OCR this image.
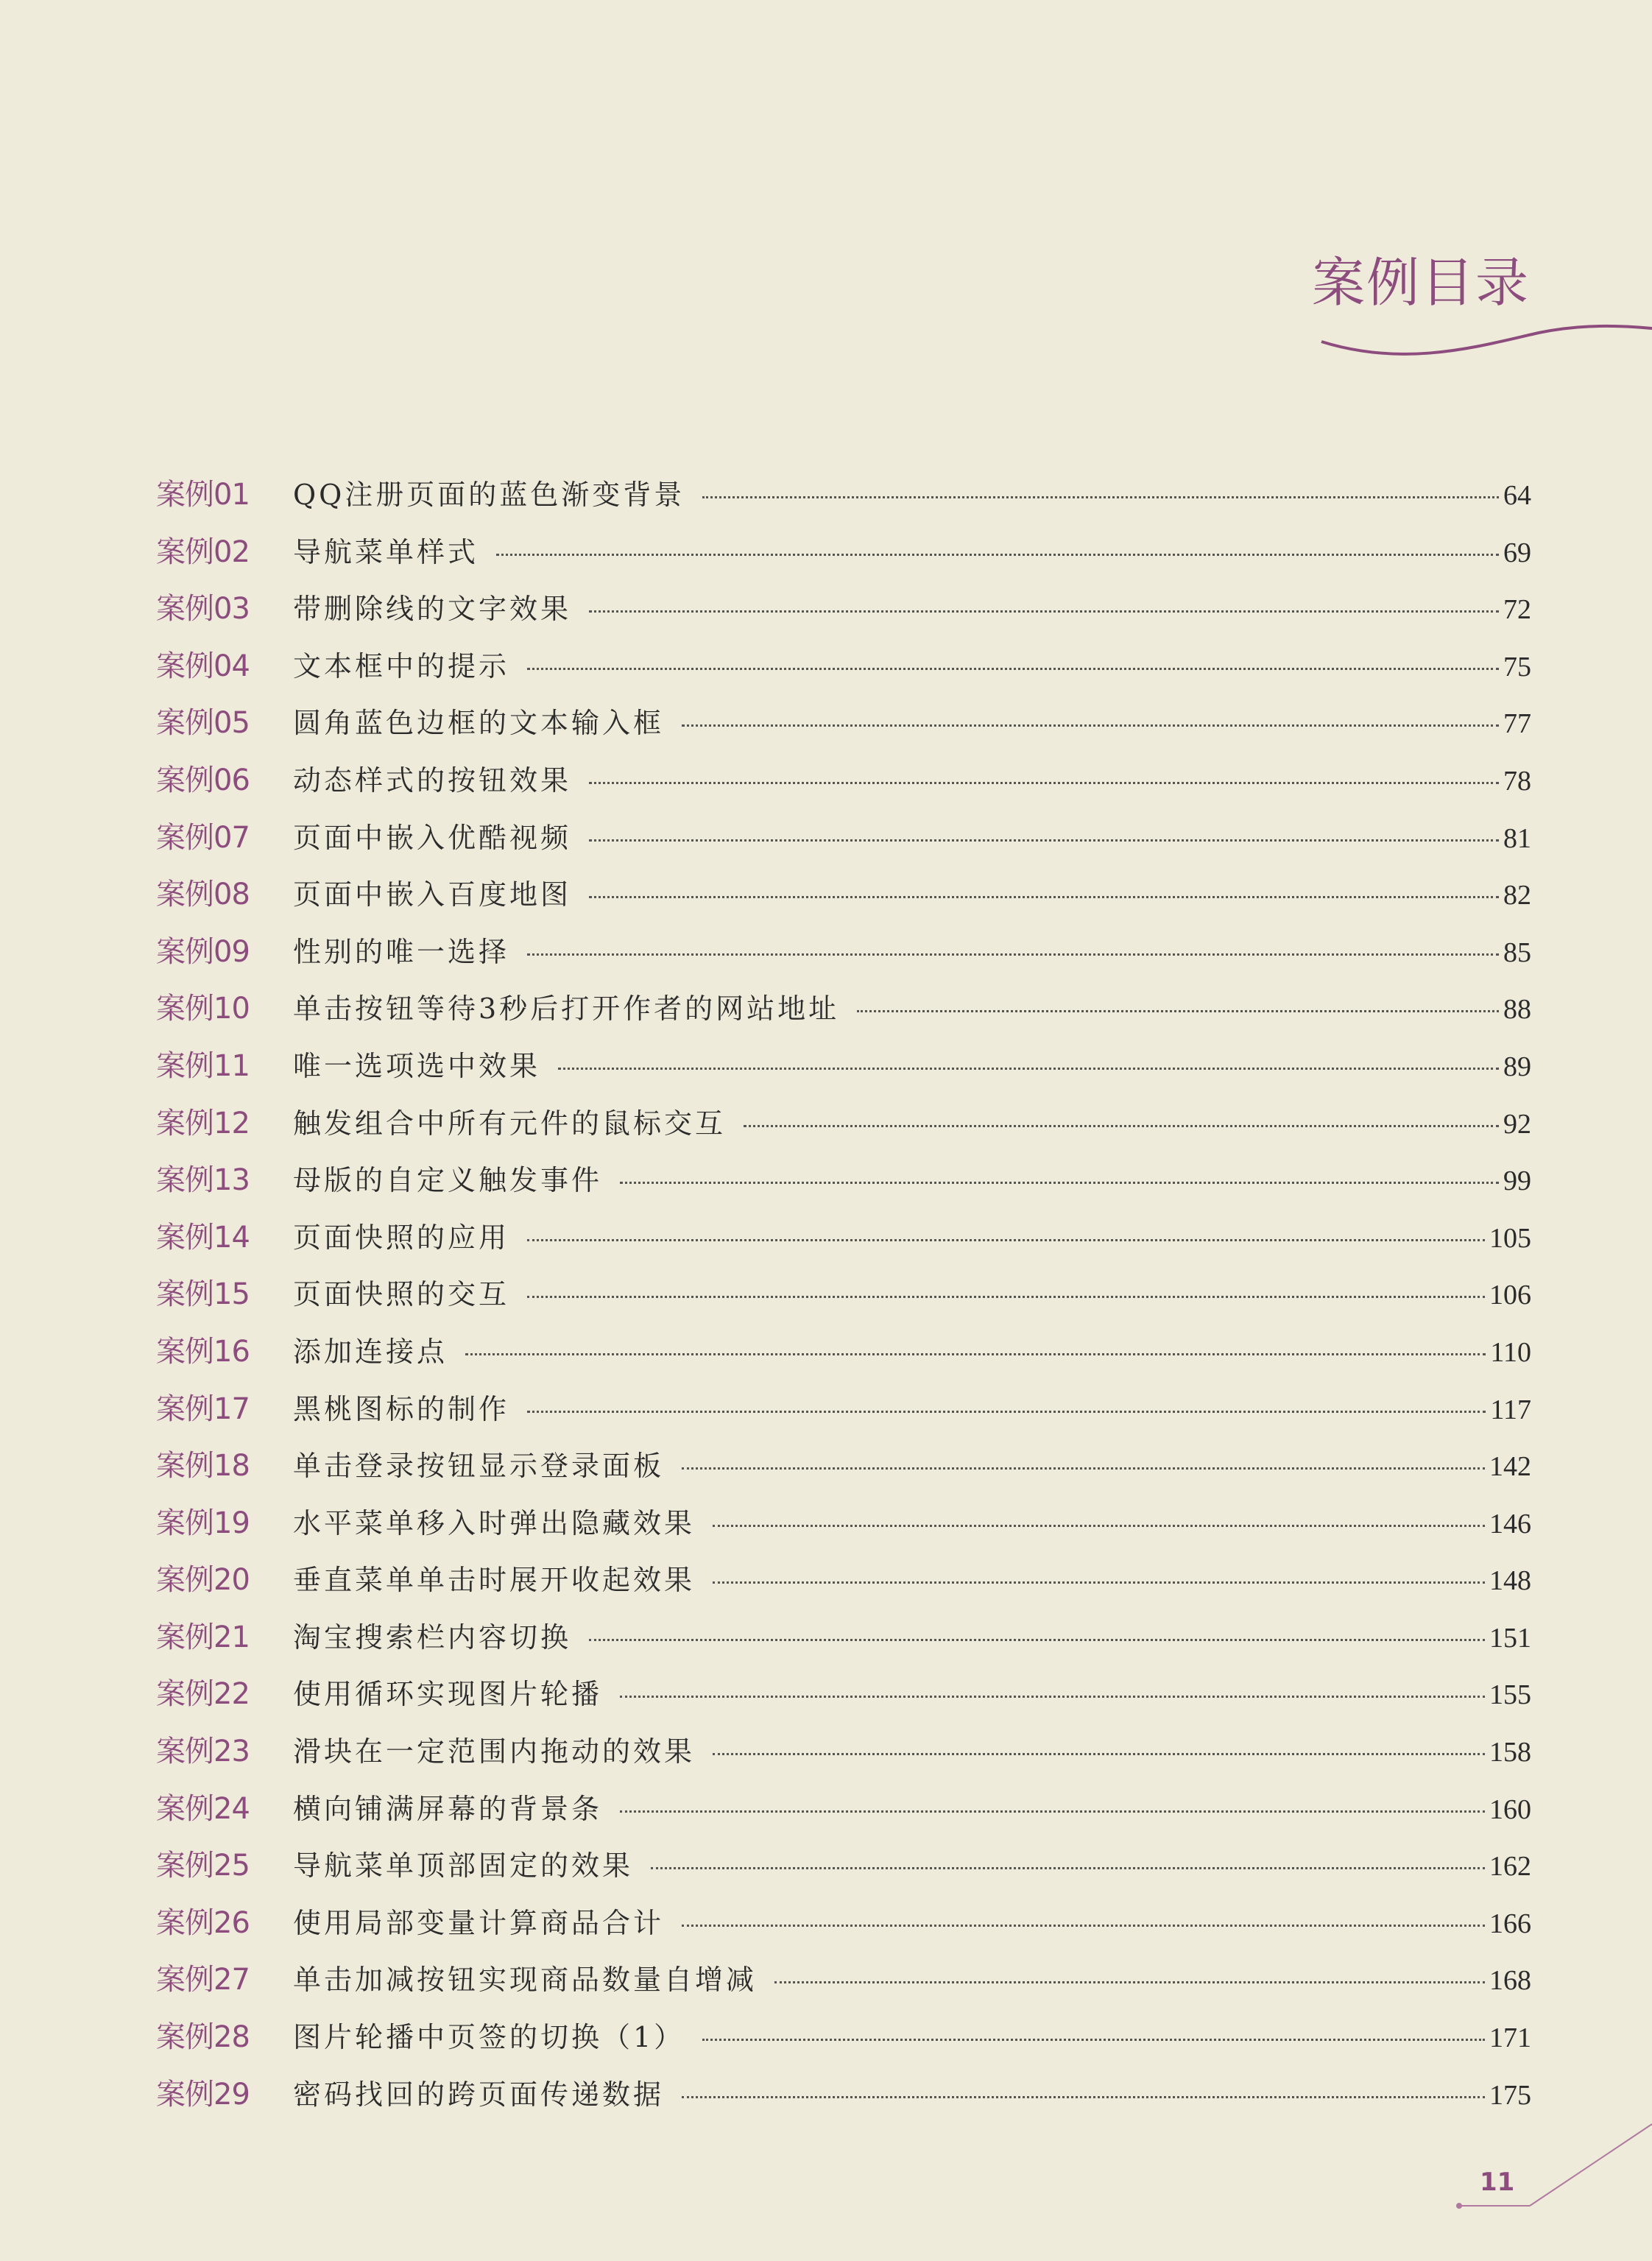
案例目录
案例01	QQ注册页面的蓝色渐变背景	64
案例02	导航菜单样式	69
案例03	带删除线的文字效果	72
案例04	文本框中的提示	75
案例05	圆角蓝色边框的文本输入框	77
案例06	动态样式的按钮效果	78
案例07	页面中嵌入优酷视频	81
案例08	页面中嵌入百度地图	82
案例09	性别的唯一选择	85
案例10	单击按钮等待3秒后打开作者的网站地址	88
案例11	唯一选项选中效果	89
案例12	触发组合中所有元件的鼠标交互	92
案例13	母版的自定义触发事件	99
案例14	页面快照的应用	105
案例15	页面快照的交互	106
案例16	添加连接点	110
案例17	黑桃图标的制作	117
案例18	单击登录按钮显示登录面板	142
案例19	水平菜单移入时弹出隐藏效果	146
案例20	垂直菜单单击时展开收起效果	148
案例21	淘宝搜索栏内容切换	151
案例22	使用循环实现图片轮播	155
案例23	滑块在一定范围内拖动的效果	158
案例24	横向铺满屏幕的背景条	160
案例25	导航菜单顶部固定的效果	162
案例26	使用局部变量计算商品合计	166
案例27	单击加减按钮实现商品数量自增减	168
案例28	图片轮播中页签的切换（1）	171
案例29	密码找回的跨页面传递数据	175
11
